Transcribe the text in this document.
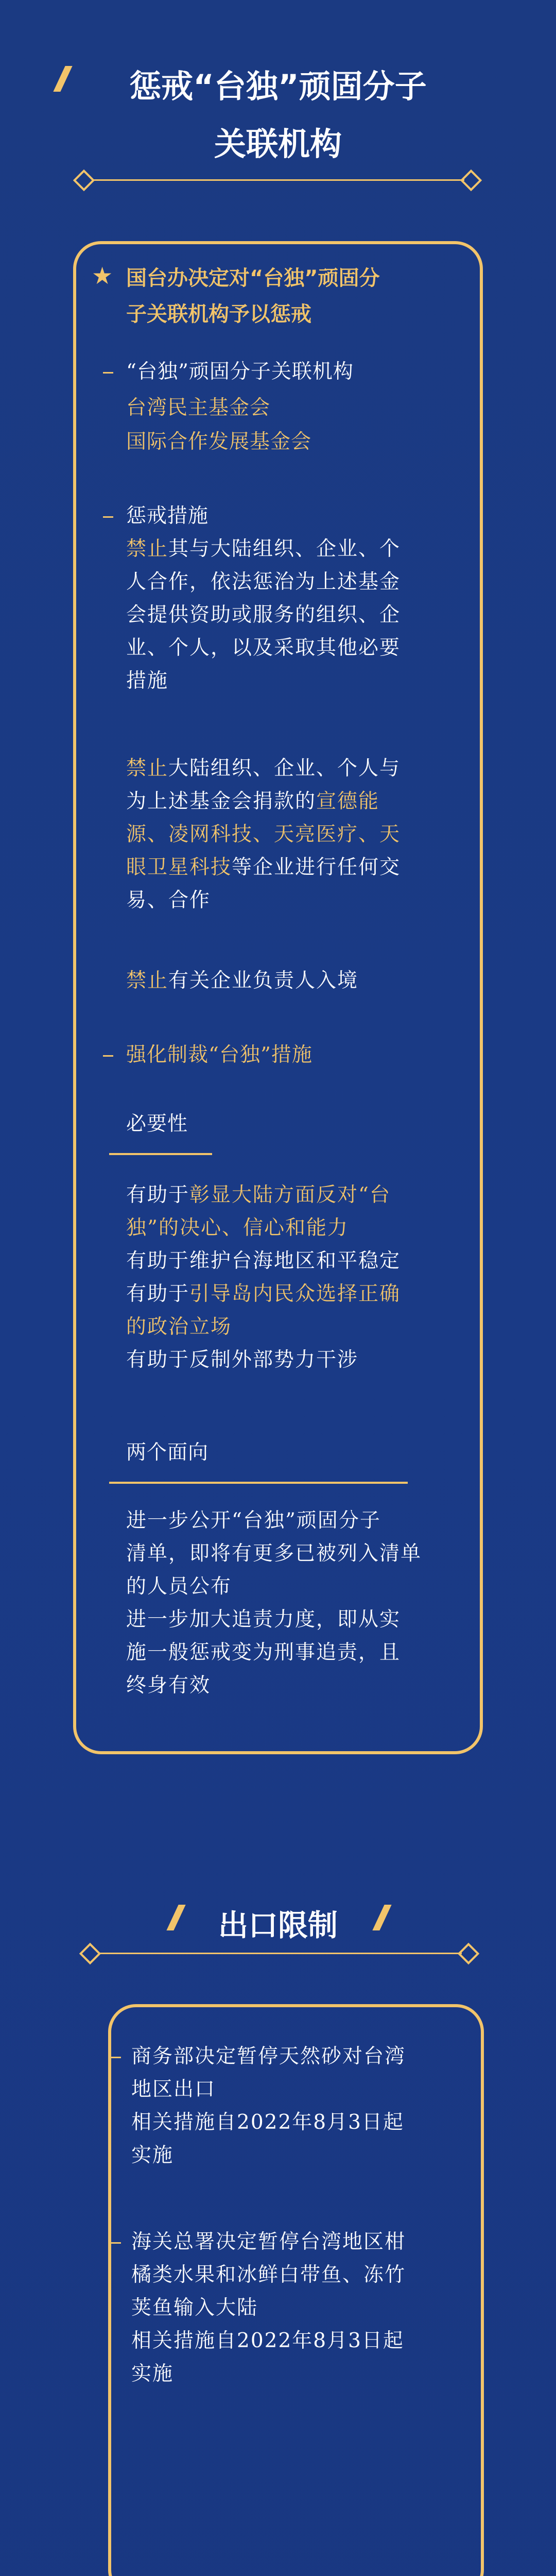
惩戒“台独”顽固分子
关联机构
★ 国台办决定对“台独”顽固分
子关联机构予以惩戒
“台独”顽固分子关联机构
台湾民主基金会
国际合作发展基金会
惩戒措施
禁止其与大陆组织、企业、个
人合作，依法惩治为上述基金
会提供资助或服务的组织、企
业、个人，以及采取其他必要
措施
禁止大陆组织、企业、个人与
为上述基金会捐款的宣德能
源、凌网科技、天亮医疗、天
眼卫星科技等企业进行任何交
易、合作
禁止有关企业负责人入境
强化制裁“台独”措施
必要性
有助于彰显大陆方面反对“台
独”的决心、信心和能力
有助于维护台海地区和平稳定
有助于引导岛内民众选择正确
的政治立场
有助于反制外部势力干涉
两个面向
进一步公开“台独”顽固分子
清单，即将有更多已被列入清单
的人员公布
进一步加大追责力度，即从实
施一般惩戒变为刑事追责，且
终身有效
出口限制
商务部决定暂停天然砂对台湾
地区出口
相关措施自2022年8月3日起
实施
海关总署决定暂停台湾地区柑
橘类水果和冰鲜白带鱼、冻竹
荚鱼输入大陆
相关措施自2022年8月3日起
实施
